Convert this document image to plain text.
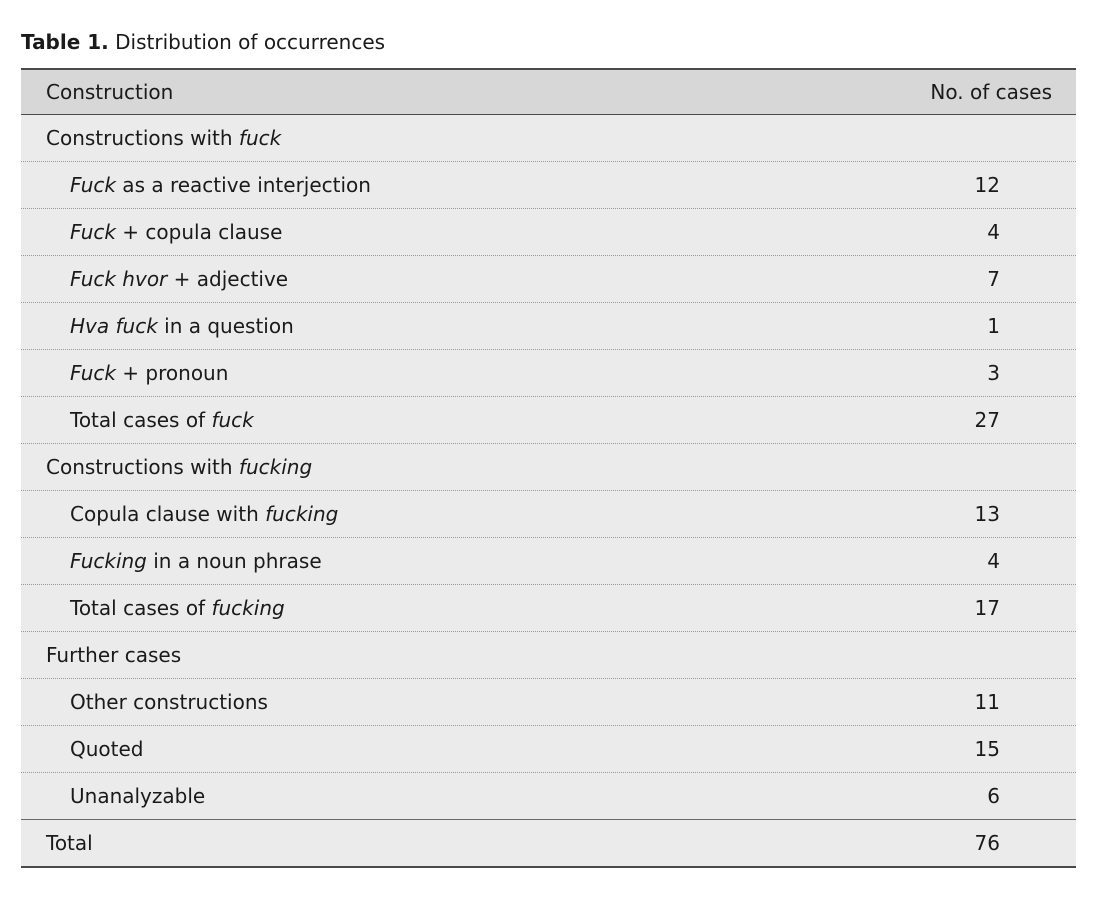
Table 1. Distribution of occurrences
Construction	No. of cases
Constructions with fuck
Fuck as a reactive interjection	12
Fuck + copula clause	4
Fuck hvor + adjective	7
Hva fuck in a question	1
Fuck + pronoun	3
Total cases of fuck	27
Constructions with fucking
Copula clause with fucking	13
Fucking in a noun phrase	4
Total cases of fucking	17
Further cases
Other constructions	11
Quoted	15
Unanalyzable	6
Total	76
